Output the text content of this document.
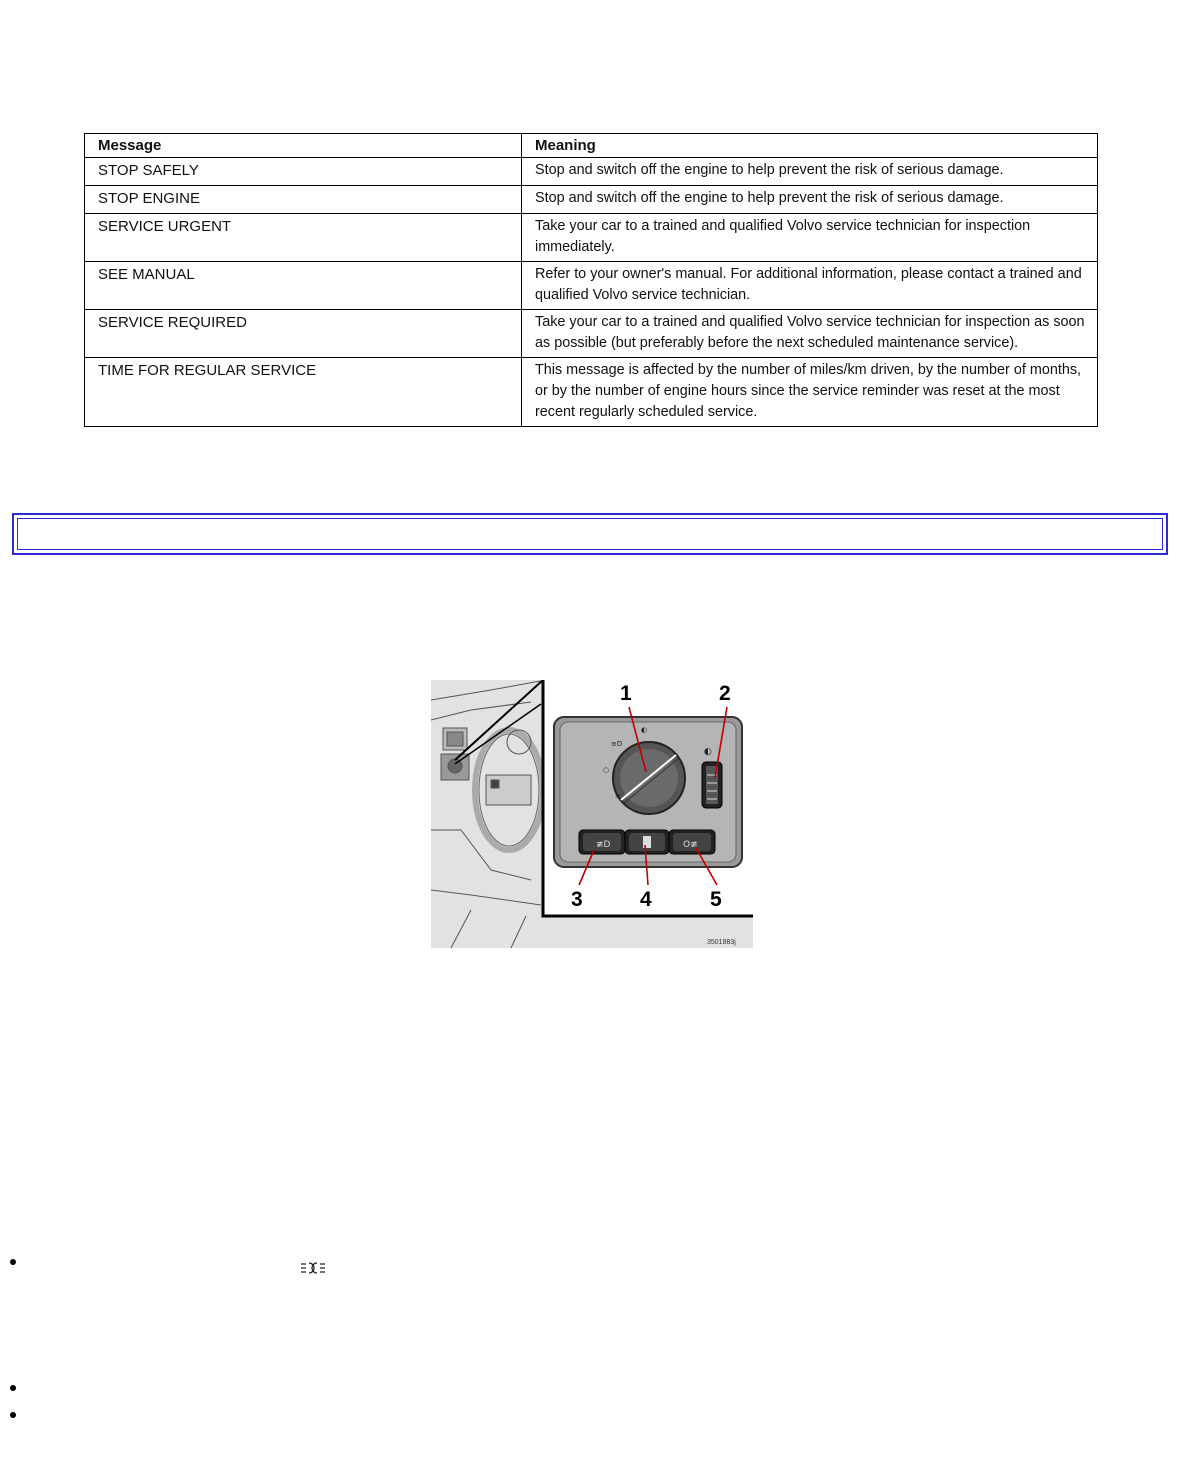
Message	Meaning
STOP SAFELY	Stop and switch off the engine to help prevent the risk of serious damage.
STOP ENGINE	Stop and switch off the engine to help prevent the risk of serious damage.
SERVICE URGENT	Take your car to a trained and qualified Volvo service technician for inspection immediately.
SEE MANUAL	Refer to your owner's manual. For additional information, please contact a trained and qualified Volvo service technician.
SERVICE REQUIRED	Take your car to a trained and qualified Volvo service technician for inspection as soon as possible (but preferably before the next scheduled maintenance service).
TIME FOR REGULAR SERVICE	This message is affected by the number of miles/km driven, by the number of months, or by the number of engine hours since the service reminder was reset at the most recent regularly scheduled service.
≡D
◐
○
≡
◐
≢D	O≢
1	2
3	4	5
3501883j
